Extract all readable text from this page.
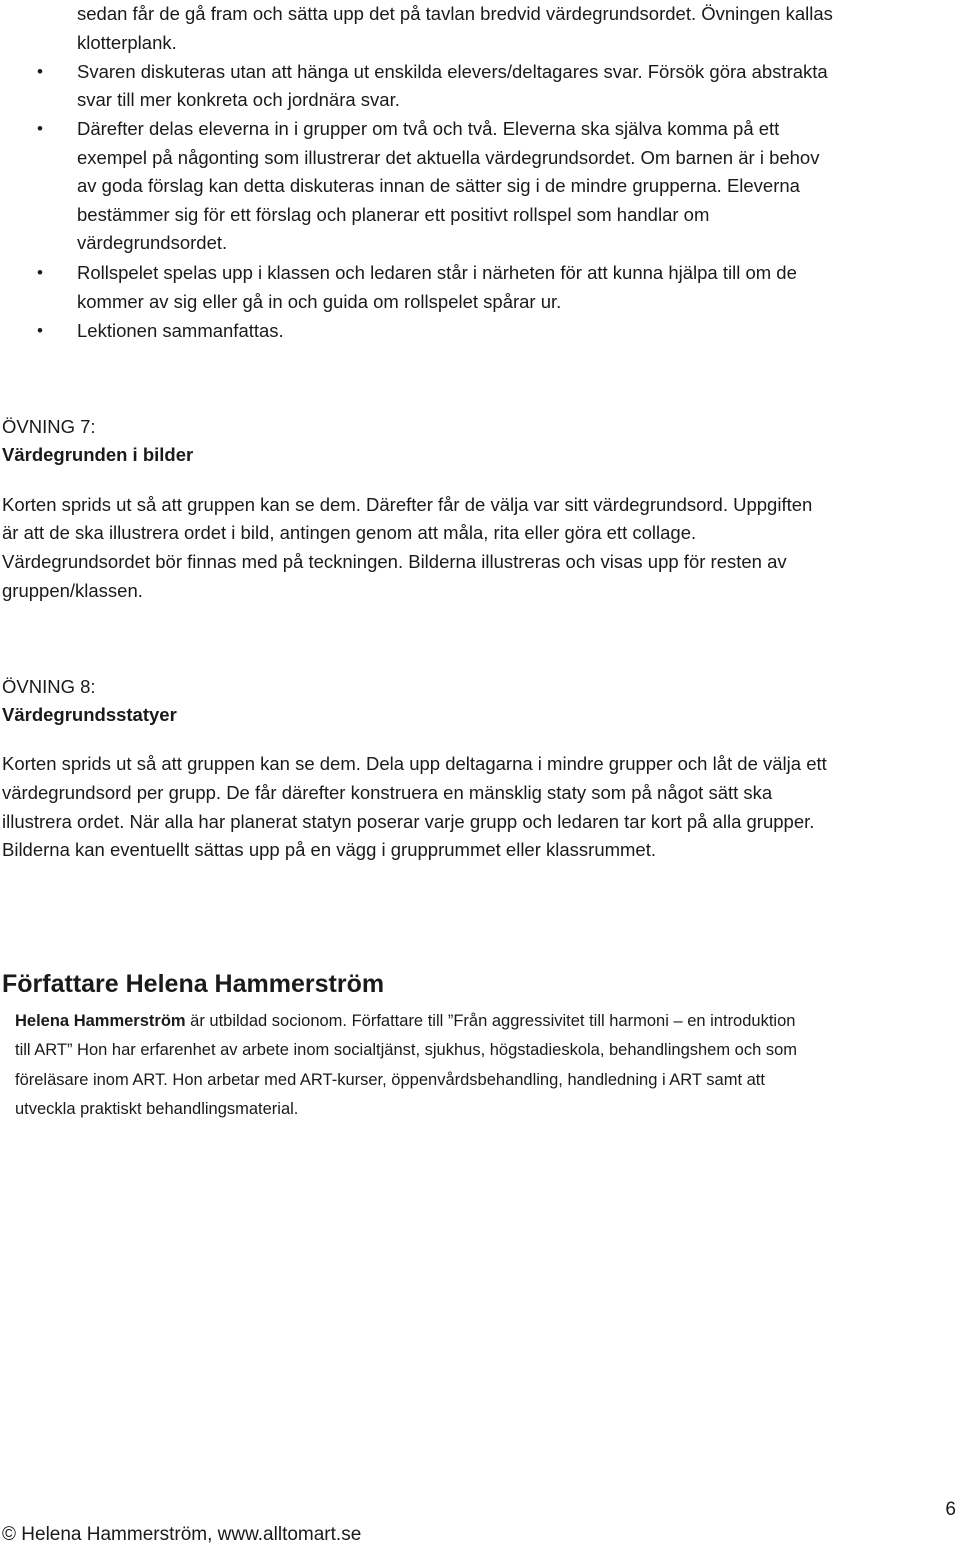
sedan får de gå fram och sätta upp det på tavlan bredvid värdegrundsordet. Övningen kallas
klotterplank.
• Svaren diskuteras utan att hänga ut enskilda elevers/deltagares svar. Försök göra abstrakta
svar till mer konkreta och jordnära svar.
• Därefter delas eleverna in i grupper om två och två. Eleverna ska själva komma på ett
exempel på någonting som illustrerar det aktuella värdegrundsordet. Om barnen är i behov
av goda förslag kan detta diskuteras innan de sätter sig i de mindre grupperna. Eleverna
bestämmer sig för ett förslag och planerar ett positivt rollspel som handlar om
värdegrundsordet.
• Rollspelet spelas upp i klassen och ledaren står i närheten för att kunna hjälpa till om de
kommer av sig eller gå in och guida om rollspelet spårar ur.
• Lektionen sammanfattas.
ÖVNING 7:
Värdegrunden i bilder
Korten sprids ut så att gruppen kan se dem. Därefter får de välja var sitt värdegrundsord. Uppgiften
är att de ska illustrera ordet i bild, antingen genom att måla, rita eller göra ett collage.
Värdegrundsordet bör finnas med på teckningen. Bilderna illustreras och visas upp för resten av
gruppen/klassen.
ÖVNING 8:
Värdegrundsstatyer
Korten sprids ut så att gruppen kan se dem. Dela upp deltagarna i mindre grupper och låt de välja ett
värdegrundsord per grupp. De får därefter konstruera en mänsklig staty som på något sätt ska
illustrera ordet. När alla har planerat statyn poserar varje grupp och ledaren tar kort på alla grupper.
Bilderna kan eventuellt sättas upp på en vägg i grupprummet eller klassrummet.
Författare Helena Hammerström
Helena Hammerström är utbildad socionom. Författare till ”Från aggressivitet till harmoni – en introduktion
till ART” Hon har erfarenhet av arbete inom socialtjänst, sjukhus, högstadieskola, behandlingshem och som
föreläsare inom ART. Hon arbetar med ART-kurser, öppenvårdsbehandling, handledning i ART samt att
utveckla praktiskt behandlingsmaterial.
6
© Helena Hammerström, www.alltomart.se
